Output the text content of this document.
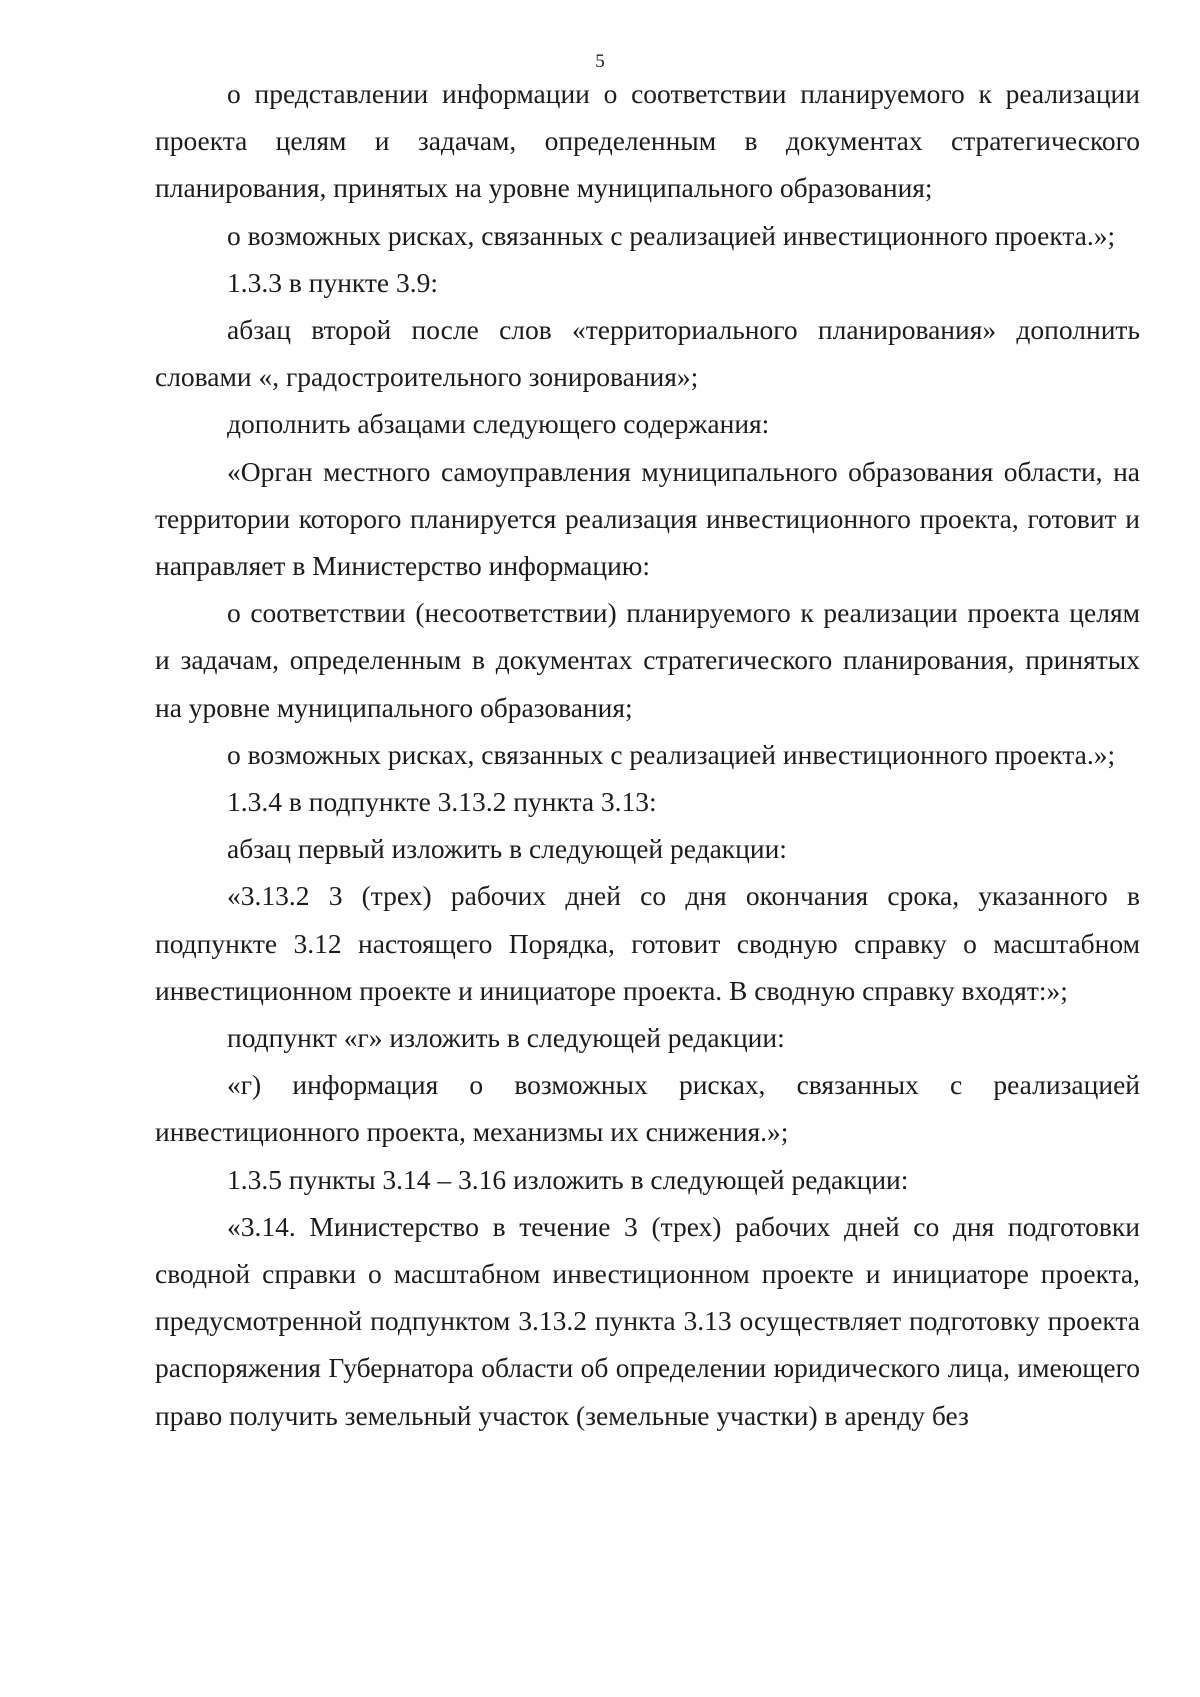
5

о представлении информации о соответствии планируемого к реализации проекта целям и задачам, определенным в документах стратегического планирования, принятых на уровне муниципального образования;

о возможных рисках, связанных с реализацией инвестиционного проекта.»;

1.3.3 в пункте 3.9:

абзац второй после слов «территориального планирования» дополнить словами «, градостроительного зонирования»;

дополнить абзацами следующего содержания:

«Орган местного самоуправления муниципального образования области, на территории которого планируется реализация инвестиционного проекта, готовит и направляет в Министерство информацию:

о соответствии (несоответствии) планируемого к реализации проекта целям и задачам, определенным в документах стратегического планирования, принятых на уровне муниципального образования;

о возможных рисках, связанных с реализацией инвестиционного проекта.»;

1.3.4 в подпункте 3.13.2 пункта 3.13:

абзац первый изложить в следующей редакции:

«3.13.2 3 (трех) рабочих дней со дня окончания срока, указанного в подпункте 3.12 настоящего Порядка, готовит сводную справку о масштабном инвестиционном проекте и инициаторе проекта. В сводную справку входят:»;

подпункт «г» изложить в следующей редакции:

«г) информация о возможных рисках, связанных с реализацией инвестиционного проекта, механизмы их снижения.»;

1.3.5 пункты 3.14 – 3.16 изложить в следующей редакции:

«3.14. Министерство в течение 3 (трех) рабочих дней со дня подготовки сводной справки о масштабном инвестиционном проекте и инициаторе проекта, предусмотренной подпунктом 3.13.2 пункта 3.13 осуществляет подготовку проекта распоряжения Губернатора области об определении юридического лица, имеющего право получить земельный участок (земельные участки) в аренду без
